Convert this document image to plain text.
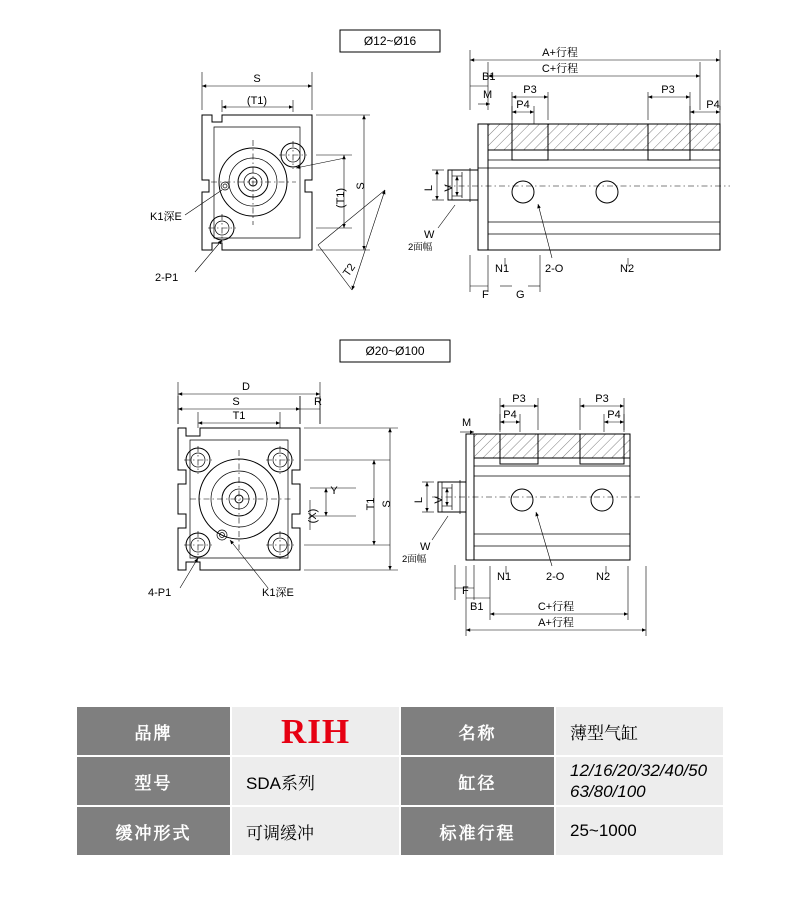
Ø12~Ø16
S
(T1)
(T1)
S
K1深E
2-P1	T2
A+行程
C+行程
B1
M	P3	P3
P4	P4
L V
W
2面幅
N1	2-O	N2
F G
Ø20~Ø100
D
S	R
T1
T1 S
Y
(X)
4-P1	K1深E
P3	P3
P4	P4
M
L V
W
2面幅
N1	2-O	N2
F
B1	C+行程
A+行程
品牌	RIH	名称	薄型气缸
型号	SDA系列	缸径	12/16/20/32/40/50
63/80/100

缓冲形式	可调缓冲	标准行程	25~1000
